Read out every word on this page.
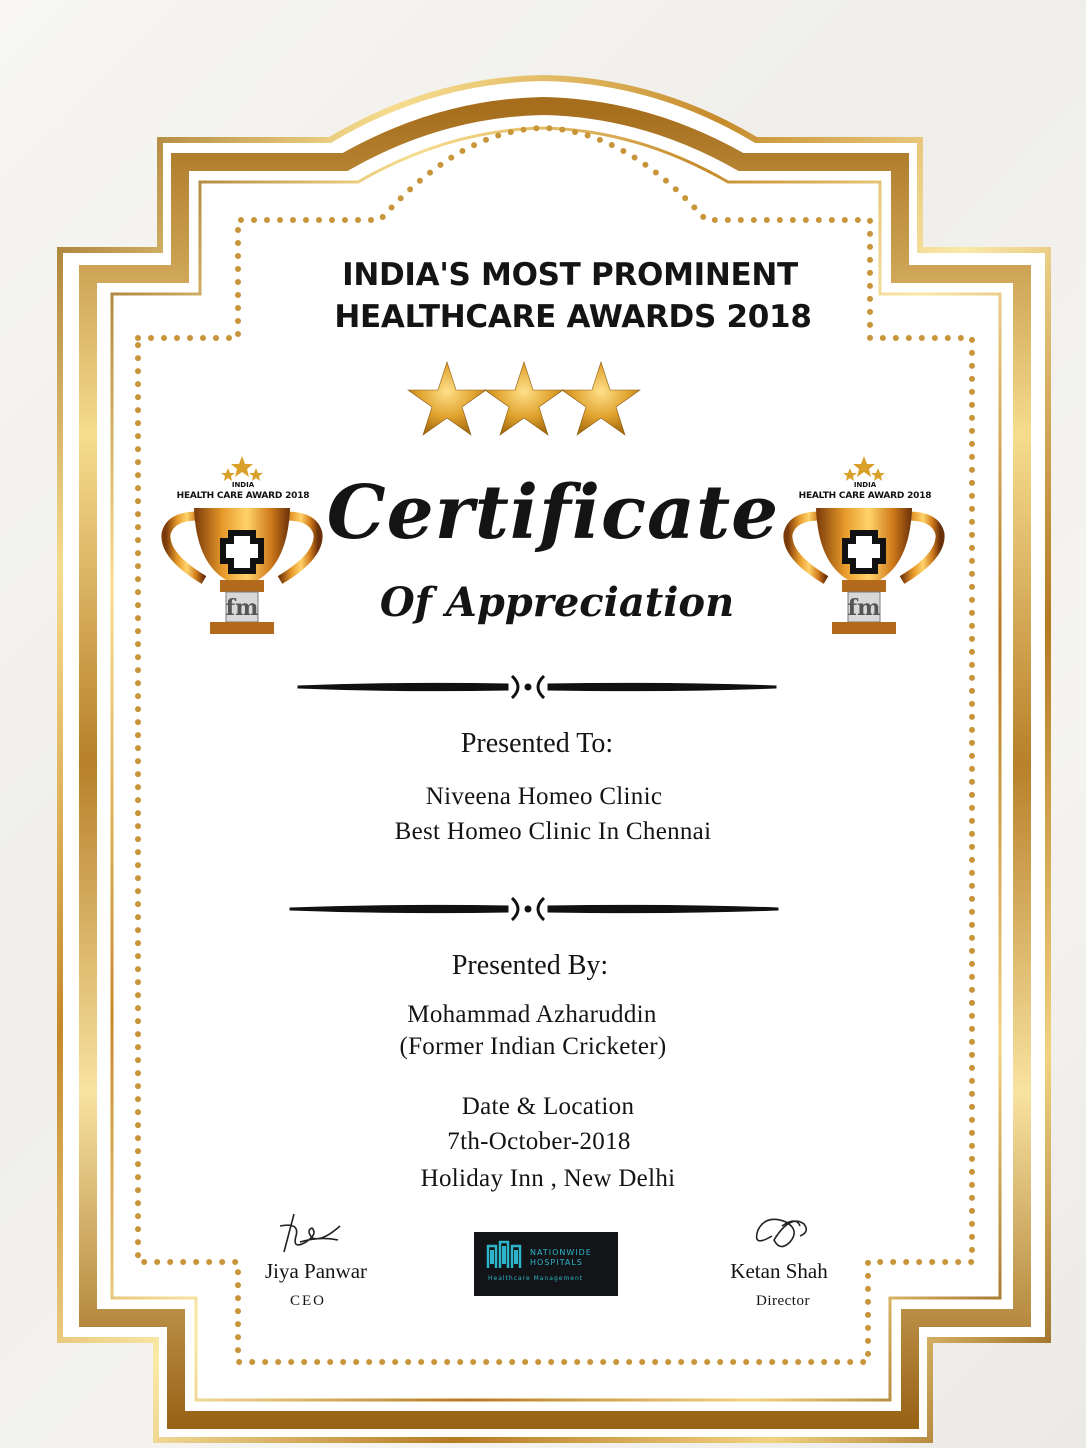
fm	fm
INDIA
HEALTH CARE AWARD 2018
INDIA
HEALTH CARE AWARD 2018
INDIA'S MOST PROMINENT
HEALTHCARE AWARDS 2018
Certificate
Of Appreciation
Presented To:
Niveena Homeo Clinic
Best Homeo Clinic In Chennai
Presented By:
Mohammad Azharuddin
(Former Indian Cricketer)
Date & Location
7th-October-2018
Holiday Inn , New Delhi
Jiya Panwar
CEO
Ketan Shah
Director
NATIONWIDE HOSPITALS
Healthcare Management
